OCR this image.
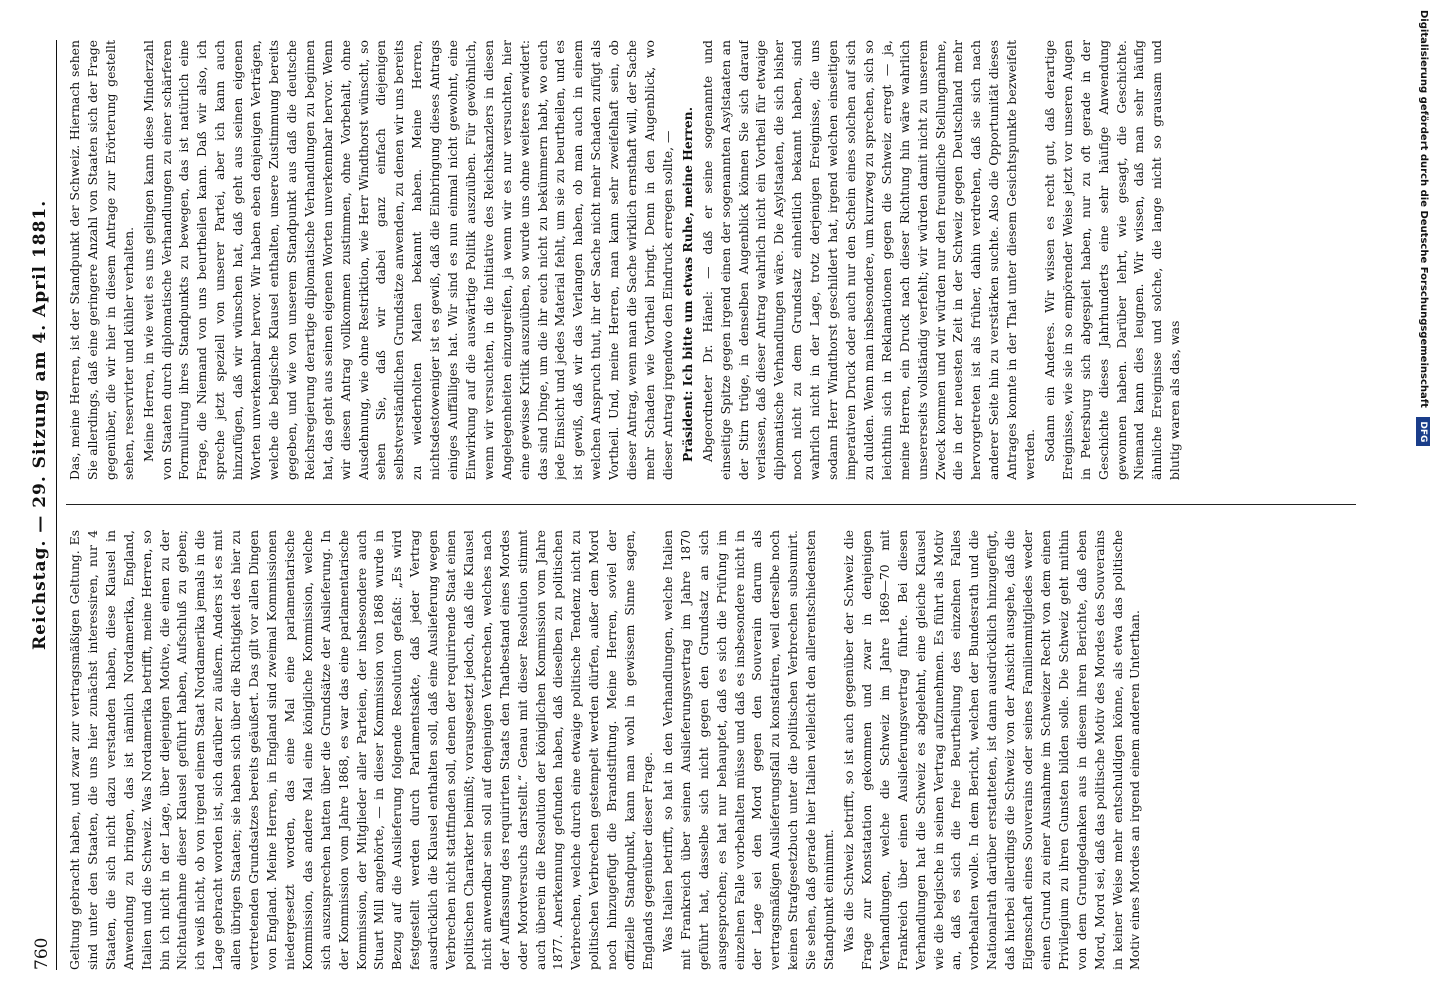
760
Reichstag. — 29. Sitzung am 4. April 1881.

Geltung gebracht haben, und zwar zur vertragsmäßigen Geltung. Es sind unter den Staaten, die uns hier zunächst interessiren, nur 4 Staaten, die sich nicht dazu verstanden haben, diese Klausel in Anwendung zu bringen, das ist nämlich Nordamerika, England, Italien und die Schweiz. Was Nordamerika betrifft, meine Herren, so bin ich nicht in der Lage, über diejenigen Motive, die einen zu der Nichtaufnahme dieser Klausel geführt haben, Aufschluß zu geben; ich weiß nicht, ob von irgend einem Staat Nordamerika jemals in die Lage gebracht worden ist, sich darüber zu äußern. Anders ist es mit allen übrigen Staaten; sie haben sich über die Richtigkeit des hier zu vertretenden Grundsatzes bereits geäußert. Das gilt vor allen Dingen von England. Meine Herren, in England sind zweimal Kommissionen niedergesetzt worden, das eine Mal eine parlamentarische Kommission, das andere Mal eine königliche Kommission, welche sich auszusprechen hatten über die Grundsätze der Auslieferung. In der Kommission vom Jahre 1868, es war das eine parlamentarische Kommission, der Mitglieder aller Parteien, der insbesondere auch Stuart Mill angehörte, — in dieser Kommission von 1868 wurde in Bezug auf die Auslieferung folgende Resolution gefaßt: „Es wird festgestellt werden durch Parlamentsakte, daß jeder Vertrag ausdrücklich die Klausel enthalten soll, daß eine Auslieferung wegen Verbrechen nicht stattfinden soll, denen der requirirende Staat einen politischen Charakter beimißt; vorausgesetzt jedoch, daß die Klausel nicht anwendbar sein soll auf denjenigen Verbrechen, welches nach der Auffassung des requirirten Staats den Thatbestand eines Mordes oder Mordversuchs darstellt.“ Genau mit dieser Resolution stimmt auch überein die Resolution der königlichen Kommission vom Jahre 1877. Anerkennung gefunden haben, daß dieselben zu politischen Verbrechen, welche durch eine etwaige politische Tendenz nicht zu politischen Verbrechen gestempelt werden dürfen, außer dem Mord noch hinzugefügt die Brandstiftung. Meine Herren, soviel der offizielle Standpunkt, kann man wohl in gewissem Sinne sagen, Englands gegenüber dieser Frage. Was Italien betrifft, so hat in den Verhandlungen, welche Italien mit Frankreich über seinen Auslieferungsvertrag im Jahre 1870 geführt hat, dasselbe sich nicht gegen den Grundsatz an sich ausgesprochen; es hat nur behauptet, daß es sich die Prüfung im einzelnen Falle vorbehalten müsse und daß es insbesondere nicht in der Lage sei den Mord gegen den Souverain darum als vertragsmäßigen Auslieferungsfall zu konstatiren, weil derselbe noch keinen Strafgesetzbuch unter die politischen Verbrechen subsumirt. Sie sehen, daß gerade hier Italien vielleicht den allerentschiedensten Standpunkt einnimmt. Was die Schweiz betrifft, so ist auch gegenüber der Schweiz die Frage zur Konstatation gekommen und zwar in denjenigen Verhandlungen, welche die Schweiz im Jahre 1869—70 mit Frankreich über einen Auslieferungsvertrag führte. Bei diesen Verhandlungen hat die Schweiz es abgelehnt, eine gleiche Klausel wie die belgische in seinen Vertrag aufzunehmen. Es führt als Motiv an, daß es sich die freie Beurtheilung des einzelnen Falles vorbehalten wolle. In dem Bericht, welchen der Bundesrath und die Nationalrath darüber erstatteten, ist dann ausdrücklich hinzugefügt, daß hierbei allerdings die Schweiz von der Ansicht ausgehe, daß die Eigenschaft eines Souverains oder seines Familienmitgliedes weder einen Grund zu einer Ausnahme im Schweizer Recht von dem einen Privilegium zu ihren Gunsten bilden solle. Die Schweiz geht mithin von dem Grundgedanken aus in diesem ihren Berichte, daß eben Mord, Mord sei, daß das politische Motiv des Mordes des Souverains in keiner Weise mehr entschuldigen könne, als etwa das politische Motiv eines Mordes an irgend einem anderen Unterthan.

Das, meine Herren, ist der Standpunkt der Schweiz. Hiernach sehen Sie allerdings, daß eine geringere Anzahl von Staaten sich der Frage gegenüber, die wir hier in diesem Antrage zur Erörterung gestellt sehen, reservirter und kühler verhalten. Meine Herren, in wie weit es uns gelingen kann diese Minderzahl von Staaten durch diplomatische Verhandlungen zu einer schärferen Formulirung ihres Standpunkts zu bewegen, das ist natürlich eine Frage, die Niemand von uns beurtheilen kann. Daß wir also, ich spreche jetzt speziell von unserer Partei, aber ich kann auch hinzufügen, daß wir wünschen hat, daß geht aus seinen eigenen Worten unverkennbar hervor. Wir haben eben denjenigen Verträgen, welche die belgische Klausel enthalten, unsere Zustimmung bereits gegeben, und wie von unserem Standpunkt aus daß die deutsche Reichsregierung derartige diplomatische Verhandlungen zu beginnen hat, das geht aus seinen eigenen Worten unverkennbar hervor. Wenn wir diesen Antrag vollkommen zustimmen, ohne Vorbehalt, ohne Ausdehnung, wie ohne Restriktion, wie Herr Windthorst wünscht, so sehen Sie, daß wir dabei ganz einfach diejenigen selbstverständlichen Grundsätze anwenden, zu denen wir uns bereits zu wiederholten Malen bekannt haben. Meine Herren, nichtsdestoweniger ist es gewiß, daß die Einbringung dieses Antrags einiges Auffälliges hat. Wir sind es nun einmal nicht gewohnt, eine Einwirkung auf die auswärtige Politik auszuüben. Für gewöhnlich, wenn wir versuchten, in die Initiative des Reichskanzlers in diesen Angelegenheiten einzugreifen, ja wenn wir es nur versuchten, hier eine gewisse Kritik auszuüben, so wurde uns ohne weiteres erwidert: das sind Dinge, um die ihr euch nicht zu bekümmern habt, wo euch jede Einsicht und jedes Material fehlt, um sie zu beurtheilen, und es ist gewiß, daß wir das Verlangen haben, ob man auch in einem welchen Anspruch thut, ihr der Sache nicht mehr Schaden zufügt als Vortheil. Und, meine Herren, man kann sehr zweifelhaft sein, ob dieser Antrag, wenn man die Sache wirklich ernsthaft will, der Sache mehr Schaden wie Vortheil bringt. Denn in den Augenblick, wo dieser Antrag irgendwo den Eindruck erregen sollte, — Präsident: Ich bitte um etwas Ruhe, meine Herren. Abgeordneter Dr. Hänel: — daß er seine sogenannte und einseitige Spitze gegen irgend einen der sogenannten Asylstaaten an der Stirn trüge, in denselben Augenblick können Sie sich darauf verlassen, daß dieser Antrag wahrlich nicht ein Vortheil für etwaige diplomatische Verhandlungen wäre. Die Asylstaaten, die sich bisher noch nicht zu dem Grundsatz einheitlich bekannt haben, sind wahrlich nicht in der Lage, trotz derjenigen Ereignisse, die uns sodann Herr Windthorst geschildert hat, irgend welchen einseitigen imperativen Druck oder auch nur den Schein eines solchen auf sich zu dulden. Wenn man insbesondere, um kurzweg zu sprechen, sich so leichthin sich in Reklamationen gegen die Schweiz erregt — ja, meine Herren, ein Druck nach dieser Richtung hin wäre wahrlich unsererseits vollständig verfehlt; wir würden damit nicht zu unserem Zweck kommen und wir würden nur den freundliche Stellungnahme, die in der neuesten Zeit in der Schweiz gegen Deutschland mehr hervorgetreten ist als früher, dahin verdrehen, daß sie sich nach anderer Seite hin zu verstärken suchte. Also die Opportunität dieses Antrages konnte in der That unter diesem Gesichtspunkte bezweifelt werden. Sodann ein Anderes. Wir wissen es recht gut, daß derartige Ereignisse, wie sie in so empörender Weise jetzt vor unseren Augen in Petersburg sich abgespielt haben, nur zu oft gerade in der Geschichte dieses Jahrhunderts eine sehr häufige Anwendung gewonnen haben. Darüber lehrt, wie gesagt, die Geschichte. Niemand kann dies leugnen. Wir wissen, daß man sehr häufig ähnliche Ereignisse und solche, die lange nicht so grausam und blutig waren als das, was	Digitalisierung gefördert durch die Deutsche Forschungsgemeinschaft DFG
